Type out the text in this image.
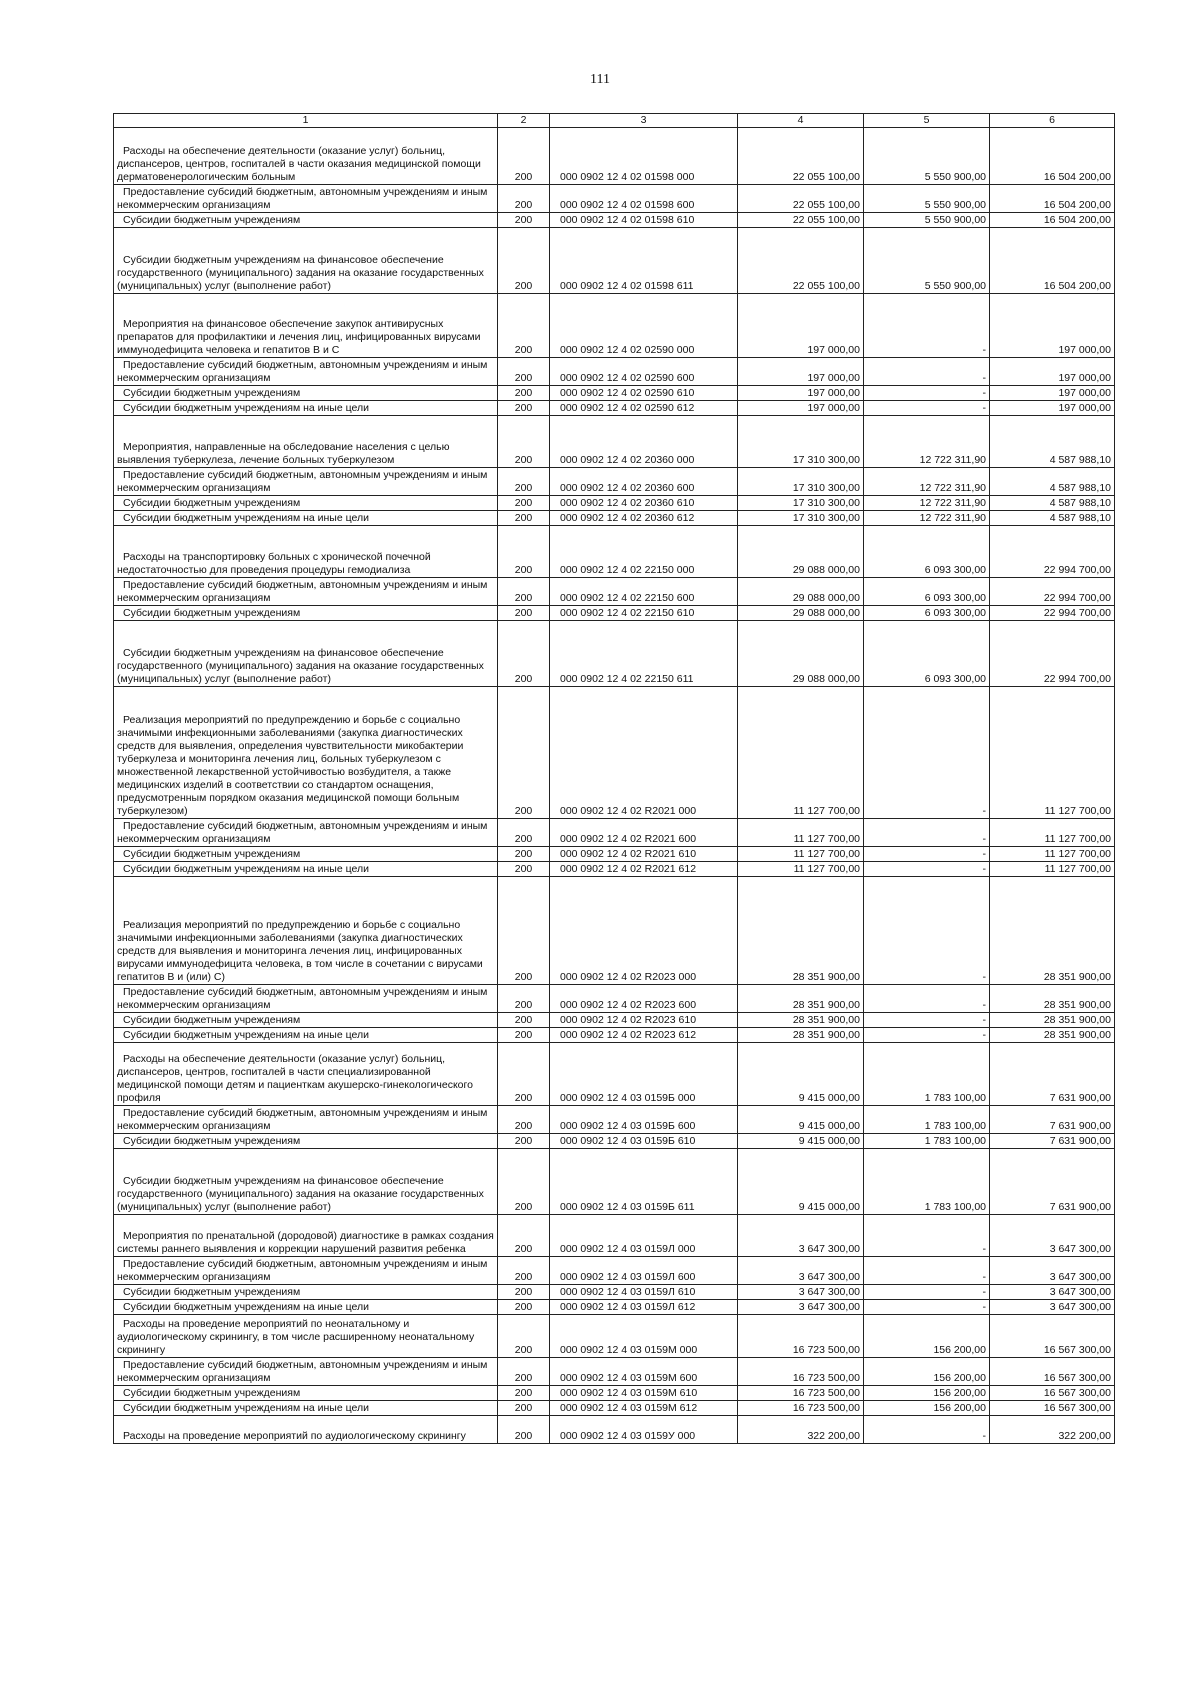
111
1	2	3	4	5	6
Расходы на обеспечение деятельности (оказание услуг) больниц, диспансеров, центров, госпиталей в части оказания медицинской помощи дерматовенерологическим больным	200	000 0902 12 4 02 01598 000	22 055 100,00	5 550 900,00	16 504 200,00
Предоставление субсидий бюджетным, автономным учреждениям и иным некоммерческим организациям	200	000 0902 12 4 02 01598 600	22 055 100,00	5 550 900,00	16 504 200,00
Субсидии бюджетным учреждениям	200	000 0902 12 4 02 01598 610	22 055 100,00	5 550 900,00	16 504 200,00
Субсидии бюджетным учреждениям на финансовое обеспечение государственного (муниципального) задания на оказание государственных (муниципальных) услуг (выполнение работ)	200	000 0902 12 4 02 01598 611	22 055 100,00	5 550 900,00	16 504 200,00
Мероприятия на финансовое обеспечение закупок антивирусных препаратов для профилактики и лечения лиц, инфицированных вирусами иммунодефицита человека и гепатитов В и С	200	000 0902 12 4 02 02590 000	197 000,00	-	197 000,00
Предоставление субсидий бюджетным, автономным учреждениям и иным некоммерческим организациям	200	000 0902 12 4 02 02590 600	197 000,00	-	197 000,00
Субсидии бюджетным учреждениям	200	000 0902 12 4 02 02590 610	197 000,00	-	197 000,00
Субсидии бюджетным учреждениям на иные цели	200	000 0902 12 4 02 02590 612	197 000,00	-	197 000,00
Мероприятия, направленные на обследование населения с целью выявления туберкулеза, лечение больных туберкулезом	200	000 0902 12 4 02 20360 000	17 310 300,00	12 722 311,90	4 587 988,10
Предоставление субсидий бюджетным, автономным учреждениям и иным некоммерческим организациям	200	000 0902 12 4 02 20360 600	17 310 300,00	12 722 311,90	4 587 988,10
Субсидии бюджетным учреждениям	200	000 0902 12 4 02 20360 610	17 310 300,00	12 722 311,90	4 587 988,10
Субсидии бюджетным учреждениям на иные цели	200	000 0902 12 4 02 20360 612	17 310 300,00	12 722 311,90	4 587 988,10
Расходы на транспортировку больных с хронической почечной недостаточностью для проведения процедуры гемодиализа	200	000 0902 12 4 02 22150 000	29 088 000,00	6 093 300,00	22 994 700,00
Предоставление субсидий бюджетным, автономным учреждениям и иным некоммерческим организациям	200	000 0902 12 4 02 22150 600	29 088 000,00	6 093 300,00	22 994 700,00
Субсидии бюджетным учреждениям	200	000 0902 12 4 02 22150 610	29 088 000,00	6 093 300,00	22 994 700,00
Субсидии бюджетным учреждениям на финансовое обеспечение государственного (муниципального) задания на оказание государственных (муниципальных) услуг (выполнение работ)	200	000 0902 12 4 02 22150 611	29 088 000,00	6 093 300,00	22 994 700,00
Реализация мероприятий по предупреждению и борьбе с социально значимыми инфекционными заболеваниями (закупка диагностических средств для выявления, определения чувствительности микобактерии туберкулеза и мониторинга лечения лиц, больных туберкулезом с множественной лекарственной устойчивостью возбудителя, а также медицинских изделий в соответствии со стандартом оснащения, предусмотренным порядком оказания медицинской помощи больным туберкулезом)	200	000 0902 12 4 02 R2021 000	11 127 700,00	-	11 127 700,00
Предоставление субсидий бюджетным, автономным учреждениям и иным некоммерческим организациям	200	000 0902 12 4 02 R2021 600	11 127 700,00	-	11 127 700,00
Субсидии бюджетным учреждениям	200	000 0902 12 4 02 R2021 610	11 127 700,00	-	11 127 700,00
Субсидии бюджетным учреждениям на иные цели	200	000 0902 12 4 02 R2021 612	11 127 700,00	-	11 127 700,00
Реализация мероприятий по предупреждению и борьбе с социально значимыми инфекционными заболеваниями (закупка диагностических средств для выявления и мониторинга лечения лиц, инфицированных вирусами иммунодефицита человека, в том числе в сочетании с вирусами гепатитов В и (или) С)	200	000 0902 12 4 02 R2023 000	28 351 900,00	-	28 351 900,00
Предоставление субсидий бюджетным, автономным учреждениям и иным некоммерческим организациям	200	000 0902 12 4 02 R2023 600	28 351 900,00	-	28 351 900,00
Субсидии бюджетным учреждениям	200	000 0902 12 4 02 R2023 610	28 351 900,00	-	28 351 900,00
Субсидии бюджетным учреждениям на иные цели	200	000 0902 12 4 02 R2023 612	28 351 900,00	-	28 351 900,00
Расходы на обеспечение деятельности (оказание услуг) больниц, диспансеров, центров, госпиталей в части специализированной медицинской помощи детям и пациенткам акушерско-гинекологического профиля	200	000 0902 12 4 03 0159Б 000	9 415 000,00	1 783 100,00	7 631 900,00
Предоставление субсидий бюджетным, автономным учреждениям и иным некоммерческим организациям	200	000 0902 12 4 03 0159Б 600	9 415 000,00	1 783 100,00	7 631 900,00
Субсидии бюджетным учреждениям	200	000 0902 12 4 03 0159Б 610	9 415 000,00	1 783 100,00	7 631 900,00
Субсидии бюджетным учреждениям на финансовое обеспечение государственного (муниципального) задания на оказание государственных (муниципальных) услуг (выполнение работ)	200	000 0902 12 4 03 0159Б 611	9 415 000,00	1 783 100,00	7 631 900,00
Мероприятия по пренатальной (дородовой) диагностике в рамках создания системы раннего выявления и коррекции нарушений развития ребенка	200	000 0902 12 4 03 0159Л 000	3 647 300,00	-	3 647 300,00
Предоставление субсидий бюджетным, автономным учреждениям и иным некоммерческим организациям	200	000 0902 12 4 03 0159Л 600	3 647 300,00	-	3 647 300,00
Субсидии бюджетным учреждениям	200	000 0902 12 4 03 0159Л 610	3 647 300,00	-	3 647 300,00
Субсидии бюджетным учреждениям на иные цели	200	000 0902 12 4 03 0159Л 612	3 647 300,00	-	3 647 300,00
Расходы на проведение мероприятий по неонатальному и аудиологическому скринингу, в том числе расширенному неонатальному скринингу	200	000 0902 12 4 03 0159М 000	16 723 500,00	156 200,00	16 567 300,00
Предоставление субсидий бюджетным, автономным учреждениям и иным некоммерческим организациям	200	000 0902 12 4 03 0159М 600	16 723 500,00	156 200,00	16 567 300,00
Субсидии бюджетным учреждениям	200	000 0902 12 4 03 0159М 610	16 723 500,00	156 200,00	16 567 300,00
Субсидии бюджетным учреждениям на иные цели	200	000 0902 12 4 03 0159М 612	16 723 500,00	156 200,00	16 567 300,00
Расходы на проведение мероприятий по аудиологическому скринингу	200	000 0902 12 4 03 0159У 000	322 200,00	-	322 200,00
